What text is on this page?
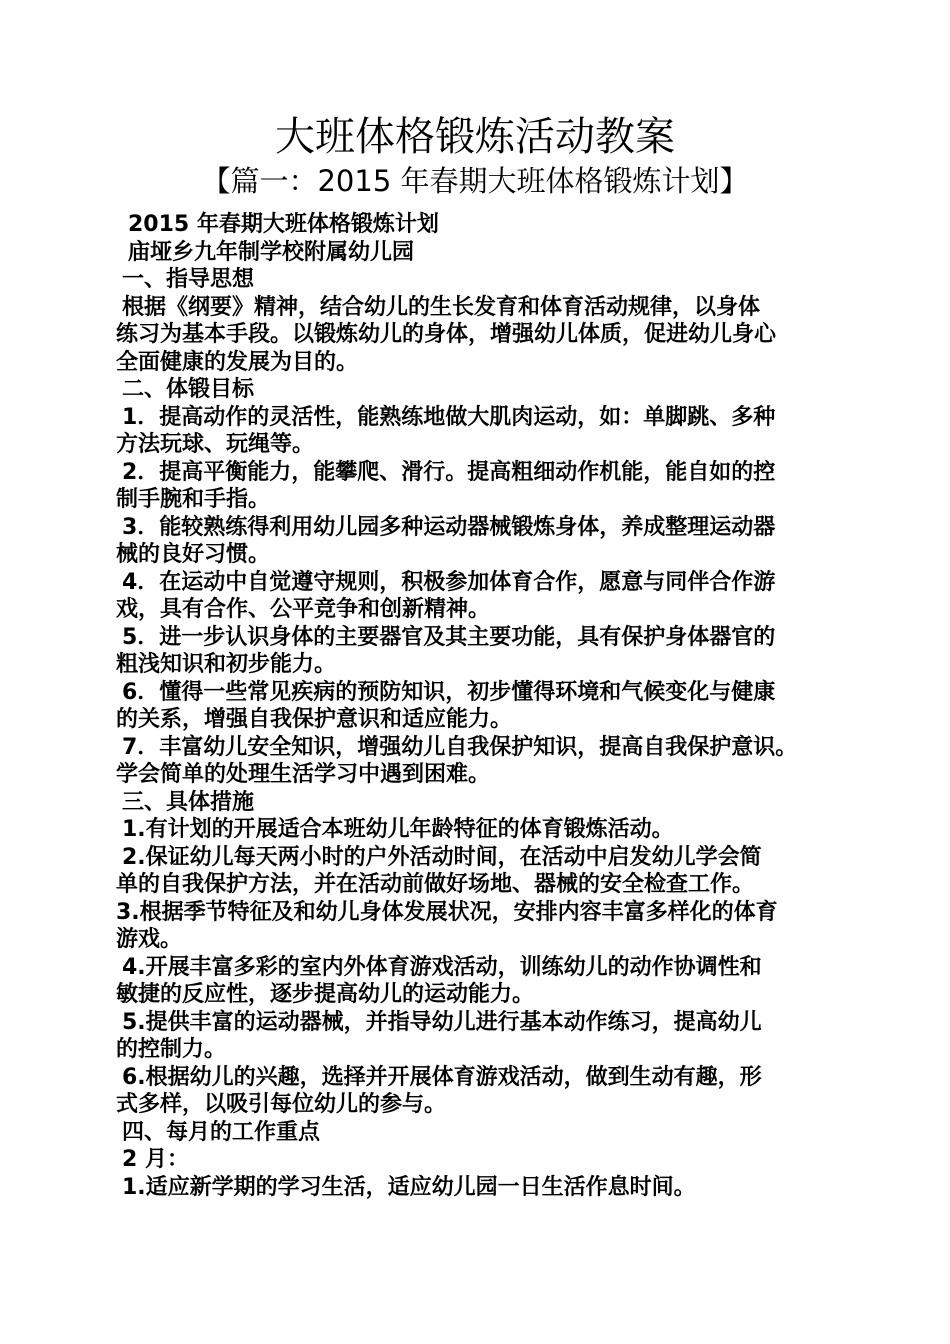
大班体格锻炼活动教案
【篇一：2015 年春期大班体格锻炼计划】
2015 年春期大班体格锻炼计划
庙垭乡九年制学校附属幼儿园
一、指导思想
根据《纲要》精神，结合幼儿的生长发育和体育活动规律，以身体
练习为基本手段。以锻炼幼儿的身体，增强幼儿体质，促进幼儿身心
全面健康的发展为目的。
二、体锻目标
1．提高动作的灵活性，能熟练地做大肌肉运动，如：单脚跳、多种
方法玩球、玩绳等。
2．提高平衡能力，能攀爬、滑行。提高粗细动作机能，能自如的控
制手腕和手指。
3．能较熟练得利用幼儿园多种运动器械锻炼身体，养成整理运动器
械的良好习惯。
4．在运动中自觉遵守规则，积极参加体育合作，愿意与同伴合作游
戏，具有合作、公平竞争和创新精神。
5．进一步认识身体的主要器官及其主要功能，具有保护身体器官的
粗浅知识和初步能力。
6．懂得一些常见疾病的预防知识，初步懂得环境和气候变化与健康
的关系，增强自我保护意识和适应能力。
7．丰富幼儿安全知识，增强幼儿自我保护知识，提高自我保护意识。
学会简单的处理生活学习中遇到困难。
三、具体措施
1.有计划的开展适合本班幼儿年龄特征的体育锻炼活动。
2.保证幼儿每天两小时的户外活动时间，在活动中启发幼儿学会简
单的自我保护方法，并在活动前做好场地、器械的安全检查工作。
3.根据季节特征及和幼儿身体发展状况，安排内容丰富多样化的体育
游戏。
4.开展丰富多彩的室内外体育游戏活动，训练幼儿的动作协调性和
敏捷的反应性，逐步提高幼儿的运动能力。
5.提供丰富的运动器械，并指导幼儿进行基本动作练习，提高幼儿
的控制力。
6.根据幼儿的兴趣，选择并开展体育游戏活动，做到生动有趣，形
式多样，以吸引每位幼儿的参与。
四、每月的工作重点
2 月：
1.适应新学期的学习生活，适应幼儿园一日生活作息时间。
